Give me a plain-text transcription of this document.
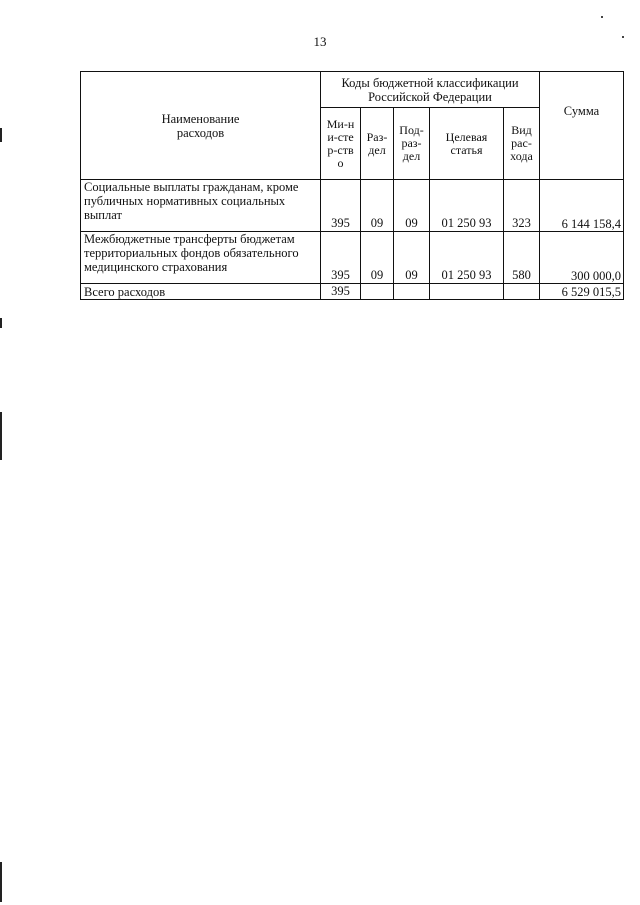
13
Наименование расходов	Коды бюджетной классификации Российской Федерации					Сумма

	Ми-ни-стер-ство	Раз-дел	Под-раз-дел	Целевая статья	Вид рас-хода	

Социальные выплаты гражданам, кроме публичных нормативных социальных выплат	395	09	09	01 250 93	323	6 144 158,4
Межбюджетные трансферты бюджетам территориальных фондов обязательного медицинского страхования	395	09	09	01 250 93	580	300 000,0
Всего расходов	395					6 529 015,5
